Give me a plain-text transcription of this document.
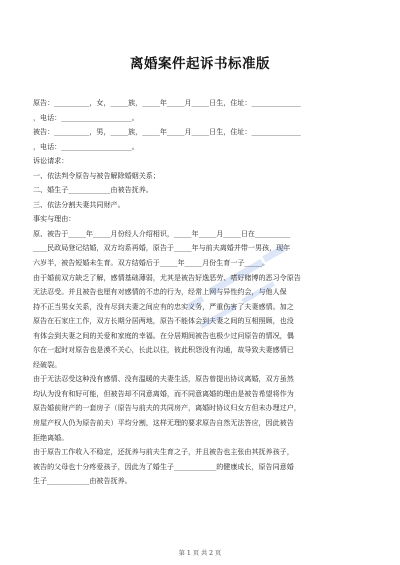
离婚案件起诉书标准版
原告：__________，女，_____族，_____年_____月_____日生，住址：______________
，电话：____________________。
被告：__________，男，_____族，_____年_____月_____日生，住址：______________
，电话：____________________。
诉讼请求：
一、依法判令原告与被告解除婚姻关系；
二、婚生子____________由被告抚养。
三、依法分割夫妻共同财产。
事实与理由：
原、被告于_____年_____月份经人介绍相识，_____年_____月_____日在__________
____民政局登记结婚，双方均系再婚，原告于_____年与前夫离婚并带一男孩，现年
六岁半，被告短婚未生育。双方结婚后于_____年_____月份生育一子_____。
由于婚前双方缺乏了解，感情基础薄弱，尤其是被告好逸恶劳、嗜好赌博的恶习令原告
无法忍受。并且被告也厘有对感情的不忠的行为，经常上网与异性约会，与他人保
持不正当男女关系，没有尽到夫妻之间应有的忠实义务，严重伤害了夫妻感情。加之
原告在石家庄工作，双方长期分居两地，原告不能体会到夫妻之间的互相照顾，也没
有体会到夫妻之间的关爱和家庭的幸福。在分居期间被告也极少过问原告的情况，偶
尔在一起时对原告也是漠不关心，长此以往，彼此积怨没有沟通，故导致夫妻感情已
经破裂。
由于无法忍受这种没有感情、没有温暖的夫妻生活，原告曾提出协议离婚，双方虽然
均认为没有和好可能，但被告却不同意离婚，而不同意离婚的理由是被告希望将作为
原告婚前财产的一套房子（原告与前夫的共同房产，离婚时协议归女方但未办理过户，
房屋产权人仍为原告前夫）平均分割，这样无理的要求原告自然无法答应，因此被告
拒绝离婚。
由于原告工作收入不稳定，还抚养与前夫生育之子，并且被告也主张由其抚养孩子，
被告的父母也十分疼爱孩子，因此为了婚生子____________的健康成长，原告同意婚
生子____________由被告抚养。
第 1 页 共 2 页
